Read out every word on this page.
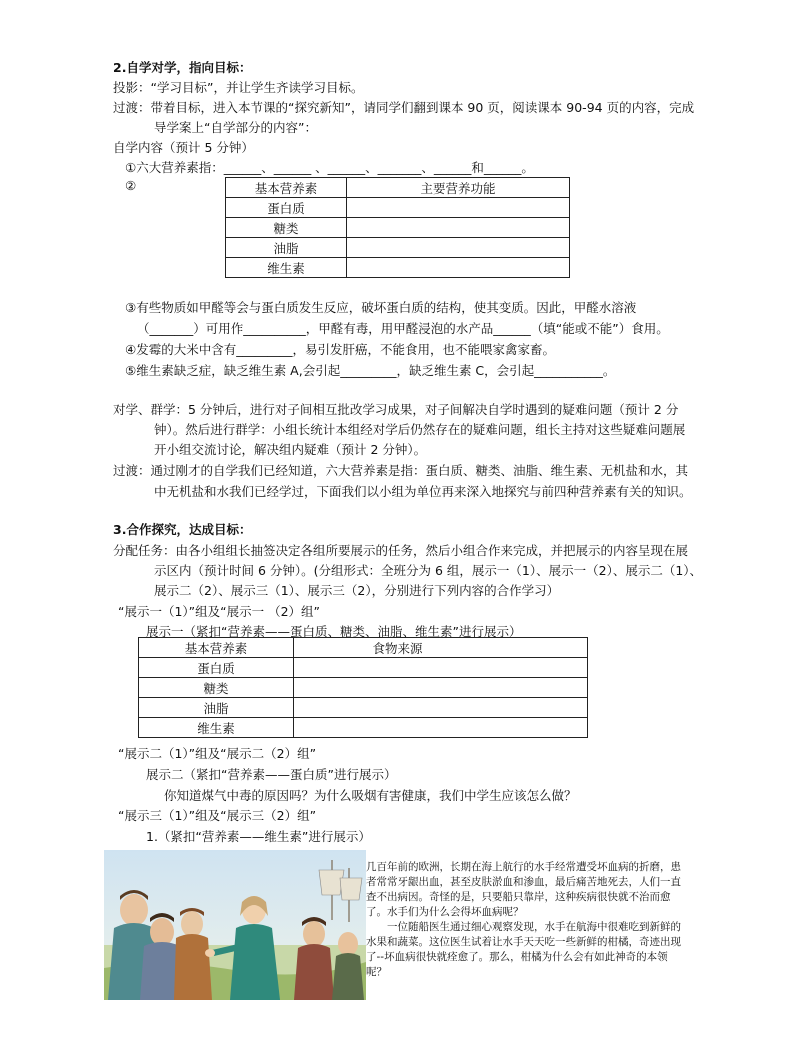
2.自学对学，指向目标：
投影：“学习目标”，并让学生齐读学习目标。
过渡：带着目标，进入本节课的“探究新知”，请同学们翻到课本 90 页，阅读课本 90-94 页的内容，完成
导学案上“自学部分的内容”：
自学内容（预计 5 分钟）
①六大营养素指：______、______ 、______、_______、______和______。
②	基本营养素	主要营养功能
蛋白质	
糖类	
油脂	
维生素	
③有些物质如甲醛等会与蛋白质发生反应，破坏蛋白质的结构，使其变质。因此，甲醛水溶液
（_______）可用作__________，甲醛有毒，用甲醛浸泡的水产品______（填“能或不能”）食用。
④发霉的大米中含有_________，易引发肝癌，不能食用，也不能喂家禽家畜。
⑤维生素缺乏症，缺乏维生素 A,会引起_________，缺乏维生素 C，会引起___________。
对学、群学：5 分钟后，进行对子间相互批改学习成果，对子间解决自学时遇到的疑难问题（预计 2 分
钟）。然后进行群学：小组长统计本组经对学后仍然存在的疑难问题，组长主持对这些疑难问题展
开小组交流讨论，解决组内疑难（预计 2 分钟）。
过渡：通过刚才的自学我们已经知道，六大营养素是指：蛋白质、糖类、油脂、维生素、无机盐和水，其
中无机盐和水我们已经学过，下面我们以小组为单位再来深入地探究与前四种营养素有关的知识。
3.合作探究，达成目标：
分配任务：由各小组组长抽签决定各组所要展示的任务，然后小组合作来完成，并把展示的内容呈现在展
示区内（预计时间 6 分钟）。(分组形式：全班分为 6 组，展示一（1）、展示一（2）、展示二（1）、
展示二（2）、展示三（1）、展示三（2），分别进行下列内容的合作学习）
“展示一（1）”组及“展示一 （2）组”
展示一（紧扣“营养素——蛋白质、糖类、油脂、维生素”进行展示）
基本营养素	食物来源
蛋白质	
糖类	
油脂	
维生素	
“展示二（1）”组及“展示二（2）组”
展示二（紧扣“营养素——蛋白质”进行展示）
你知道煤气中毒的原因吗？为什么吸烟有害健康，我们中学生应该怎么做？
“展示三（1）”组及“展示三（2）组”
1.（紧扣“营养素——维生素”进行展示）
几百年前的欧洲，长期在海上航行的水手经常遭受坏血病的折磨，患者常常牙龈出血，甚至皮肤淤血和渗血，最后痛苦地死去，人们一直查不出病因。奇怪的是，只要船只靠岸，这种疾病很快就不治而愈了。水手们为什么会得坏血病呢？
一位随船医生通过细心观察发现，水手在航海中很难吃到新鲜的水果和蔬菜。这位医生试着让水手天天吃一些新鲜的柑橘，奇迹出现了--坏血病很快就痊愈了。那么，柑橘为什么会有如此神奇的本领呢？
